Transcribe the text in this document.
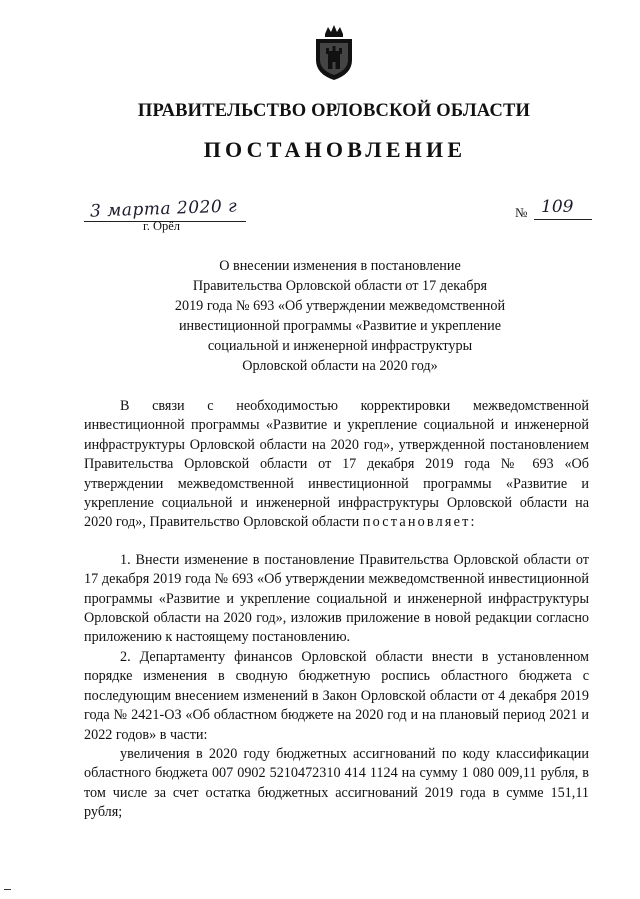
ПРАВИТЕЛЬСТВО ОРЛОВСКОЙ ОБЛАСТИ
ПОСТАНОВЛЕНИЕ
3 марта 2020 г
г. Орёл
№ 109
О внесении изменения в постановление
Правительства Орловской области от 17 декабря
2019 года № 693 «Об утверждении межведомственной
инвестиционной программы «Развитие и укрепление
социальной и инженерной инфраструктуры
Орловской области на 2020 год»

В связи с необходимостью корректировки межведомственной инвестиционной программы «Развитие и укрепление социальной и инженерной инфраструктуры Орловской области на 2020 год», утвержденной постановлением Правительства Орловской области от 17 декабря 2019 года № 693 «Об утверждении межведомственной инвестиционной программы «Развитие и укрепление социальной и инженерной инфраструктуры Орловской области на 2020 год», Правительство Орловской области постановляет:

1. Внести изменение в постановление Правительства Орловской области от 17 декабря 2019 года № 693 «Об утверждении межведомственной инвестиционной программы «Развитие и укрепление социальной и инженерной инфраструктуры Орловской области на 2020 год», изложив приложение в новой редакции согласно приложению к настоящему постановлению.

2. Департаменту финансов Орловской области внести в установленном порядке изменения в сводную бюджетную роспись областного бюджета с последующим внесением изменений в Закон Орловской области от 4 декабря 2019 года № 2421-ОЗ «Об областном бюджете на 2020 год и на плановый период 2021 и 2022 годов» в части:

увеличения в 2020 году бюджетных ассигнований по коду классификации областного бюджета 007 0902 5210472310 414 1124 на сумму 1 080 009,11 рубля, в том числе за счет остатка бюджетных ассигнований 2019 года в сумме 151,11 рубля;
